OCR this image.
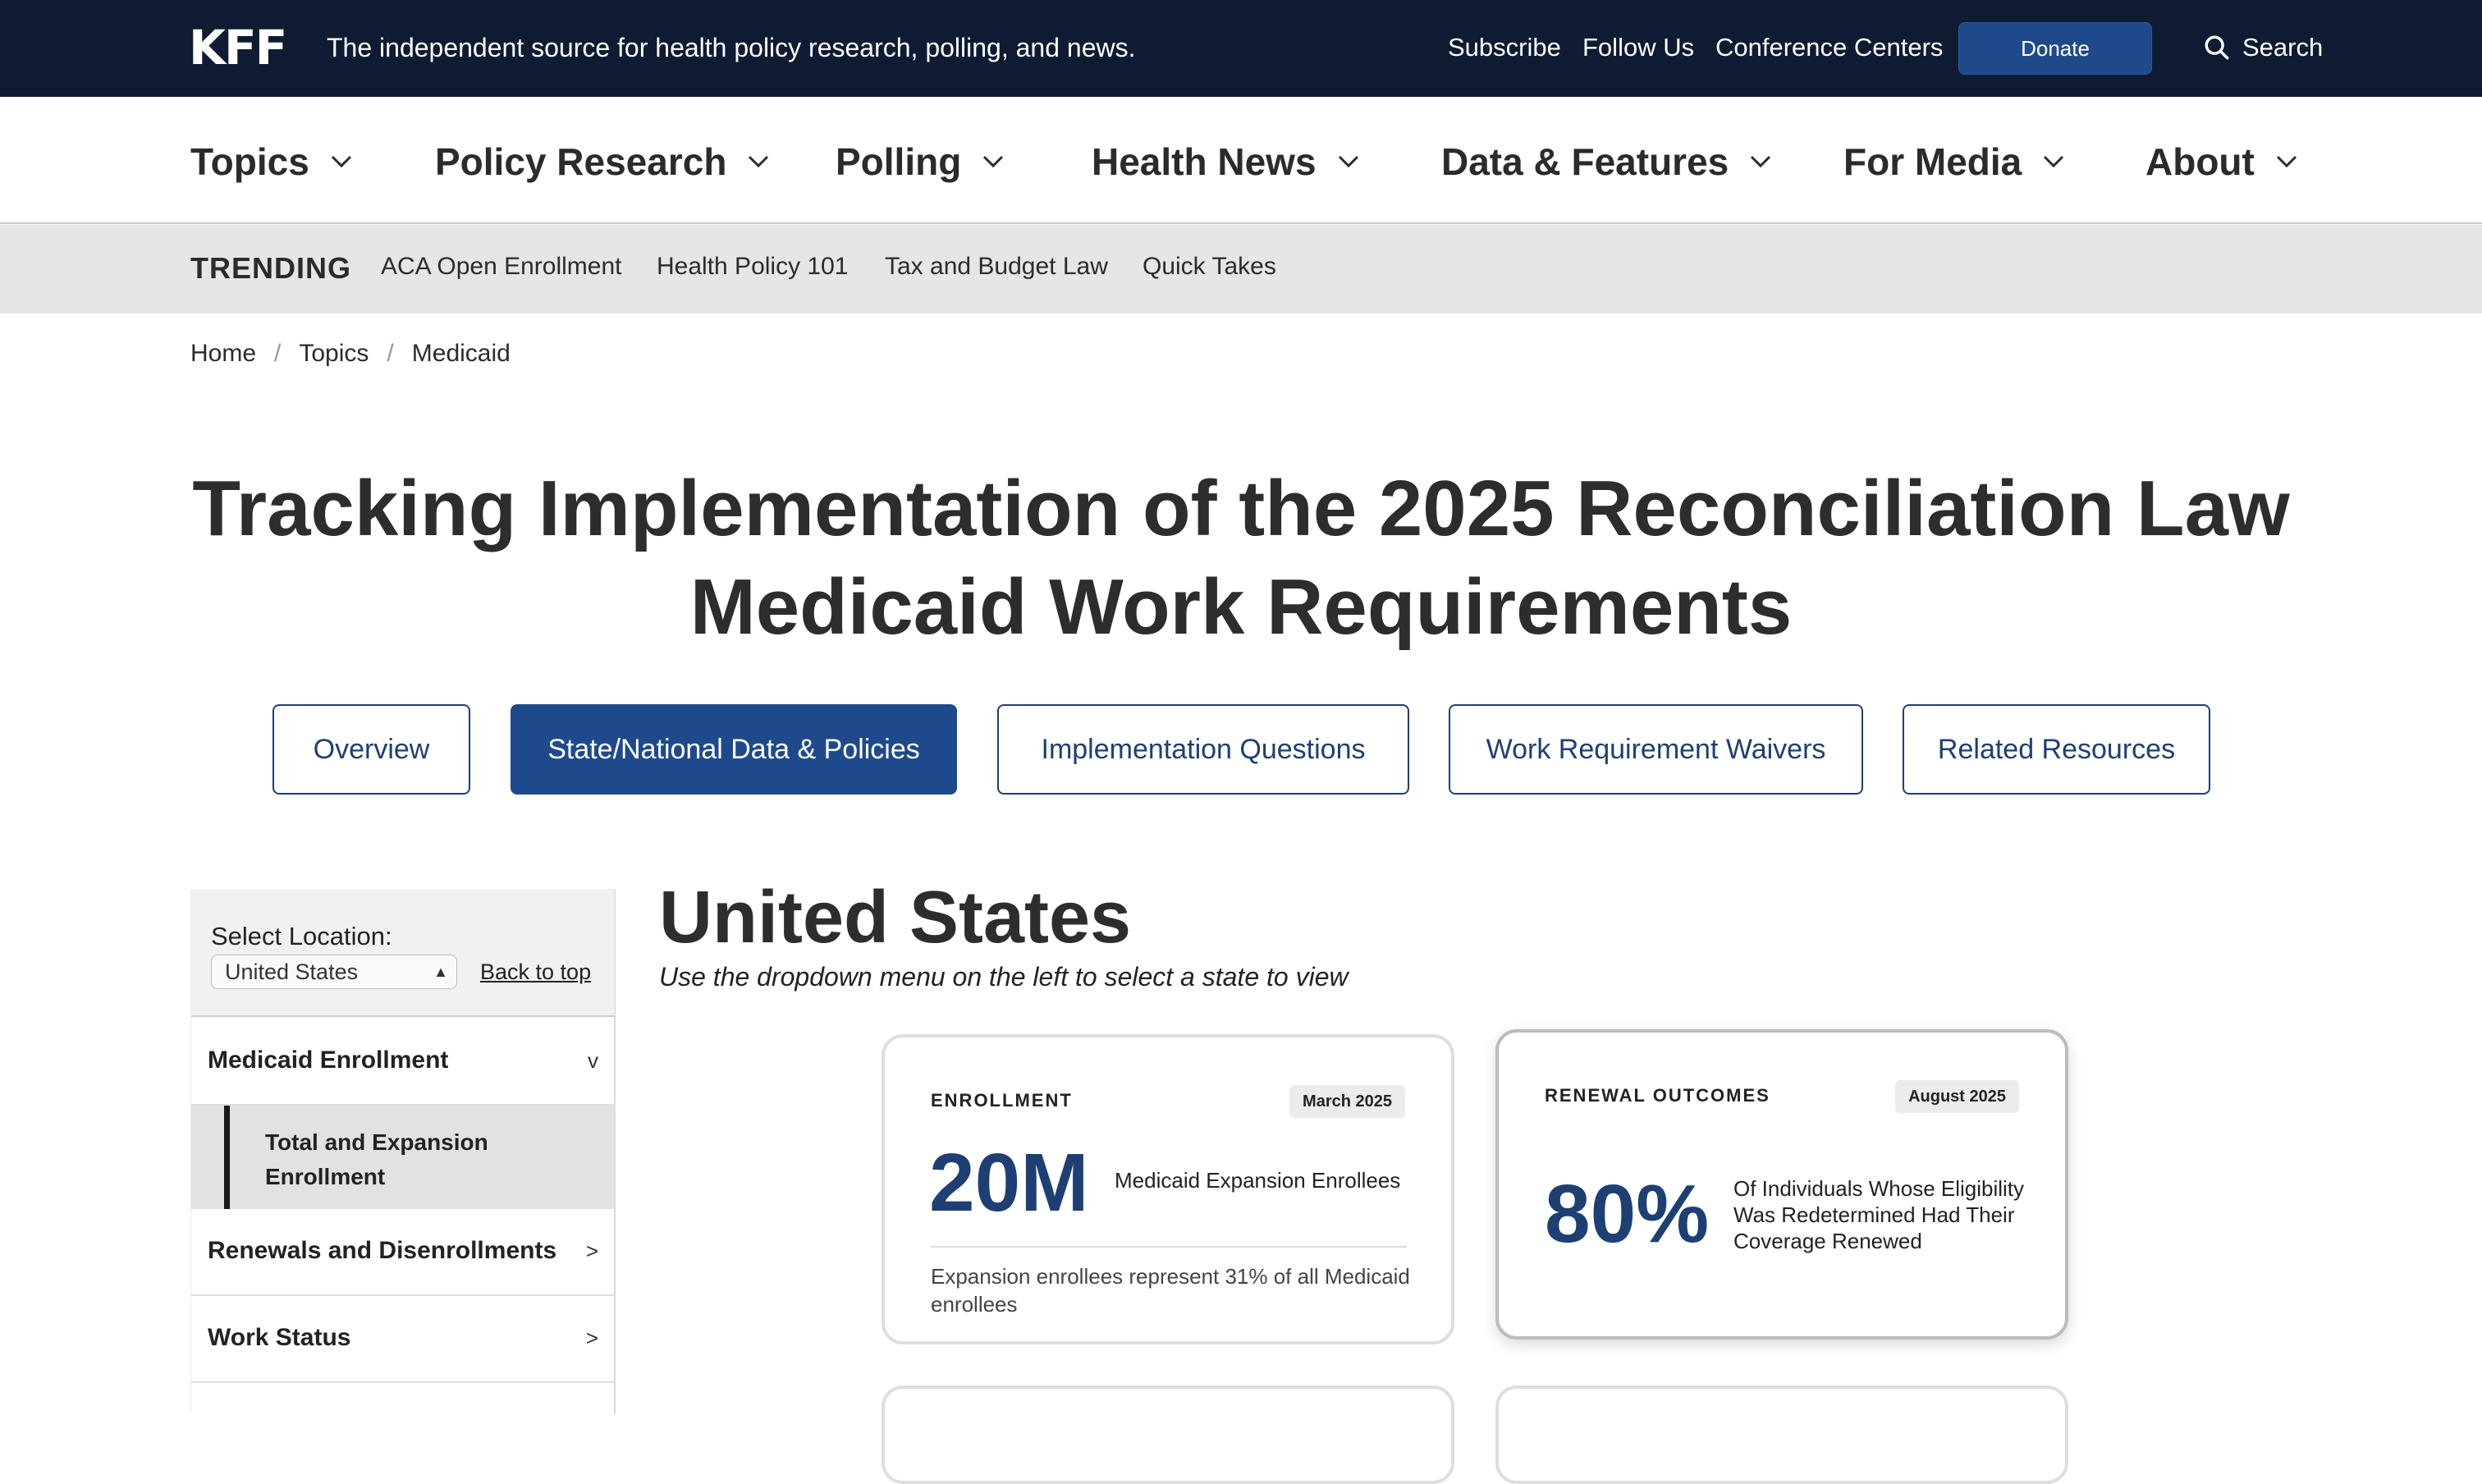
KFF The independent source for health policy research, polling, and news.	Subscribe Follow Us Conference Centers	Donate	Search
Topics	Policy Research	Polling	Health News	Data & Features	For Media	About
TRENDING ACA Open Enrollment Health Policy 101 Tax and Budget Law Quick Takes
Home / Topics / Medicaid
Tracking Implementation of the 2025 Reconciliation Law
Medicaid Work Requirements
Overview	State/National Data & Policies	Implementation Questions	Work Requirement Waivers	Related Resources
Select Location:
United States	▲ Back to top
Medicaid Enrollment	v
Total and Expansion Enrollment
Renewals and Disenrollments >
Work Status	>
United States
Use the dropdown menu on the left to select a state to view
ENROLLMENT	March 2025
20M Medicaid Expansion Enrollees
Expansion enrollees represent 31% of all Medicaid enrollees
RENEWAL OUTCOMES	August 2025
80% Of Individuals Whose Eligibility Was Redetermined Had Their Coverage Renewed
